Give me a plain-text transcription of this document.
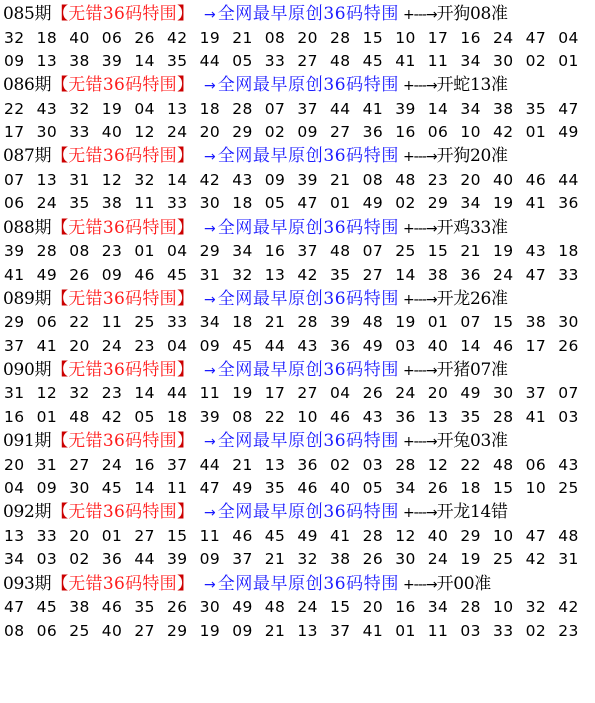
085期【无错36码特围】 → 全网最早原创36码特围 +---→开狗08准
32 18 40 06 26 42 19 21 08 20 28 15 10 17 16 24 47 04
09 13 38 39 14 35 44 05 33 27 48 45 41 11 34 30 02 01
086期【无错36码特围】 → 全网最早原创36码特围 +---→开蛇13准
22 43 32 19 04 13 18 28 07 37 44 41 39 14 34 38 35 47
17 30 33 40 12 24 20 29 02 09 27 36 16 06 10 42 01 49
087期【无错36码特围】 → 全网最早原创36码特围 +---→开狗20准
07 13 31 12 32 14 42 43 09 39 21 08 48 23 20 40 46 44
06 24 35 38 11 33 30 18 05 47 01 49 02 29 34 19 41 36
088期【无错36码特围】 → 全网最早原创36码特围 +---→开鸡33准
39 28 08 23 01 04 29 34 16 37 48 07 25 15 21 19 43 18
41 49 26 09 46 45 31 32 13 42 35 27 14 38 36 24 47 33
089期【无错36码特围】 → 全网最早原创36码特围 +---→开龙26准
29 06 22 11 25 33 34 18 21 28 39 48 19 01 07 15 38 30
37 41 20 24 23 04 09 45 44 43 36 49 03 40 14 46 17 26
090期【无错36码特围】 → 全网最早原创36码特围 +---→开猪07准
31 12 32 23 14 44 11 19 17 27 04 26 24 20 49 30 37 07
16 01 48 42 05 18 39 08 22 10 46 43 36 13 35 28 41 03
091期【无错36码特围】 → 全网最早原创36码特围 +---→开兔03准
20 31 27 24 16 37 44 21 13 36 02 03 28 12 22 48 06 43
04 09 30 45 14 11 47 49 35 46 40 05 34 26 18 15 10 25
092期【无错36码特围】 → 全网最早原创36码特围 +---→开龙14错
13 33 20 01 27 15 11 46 45 49 41 28 12 40 29 10 47 48
34 03 02 36 44 39 09 37 21 32 38 26 30 24 19 25 42 31
093期【无错36码特围】 → 全网最早原创36码特围 +---→开00准
47 45 38 46 35 26 30 49 48 24 15 20 16 34 28 10 32 42
08 06 25 40 27 29 19 09 21 13 37 41 01 11 03 33 02 23
